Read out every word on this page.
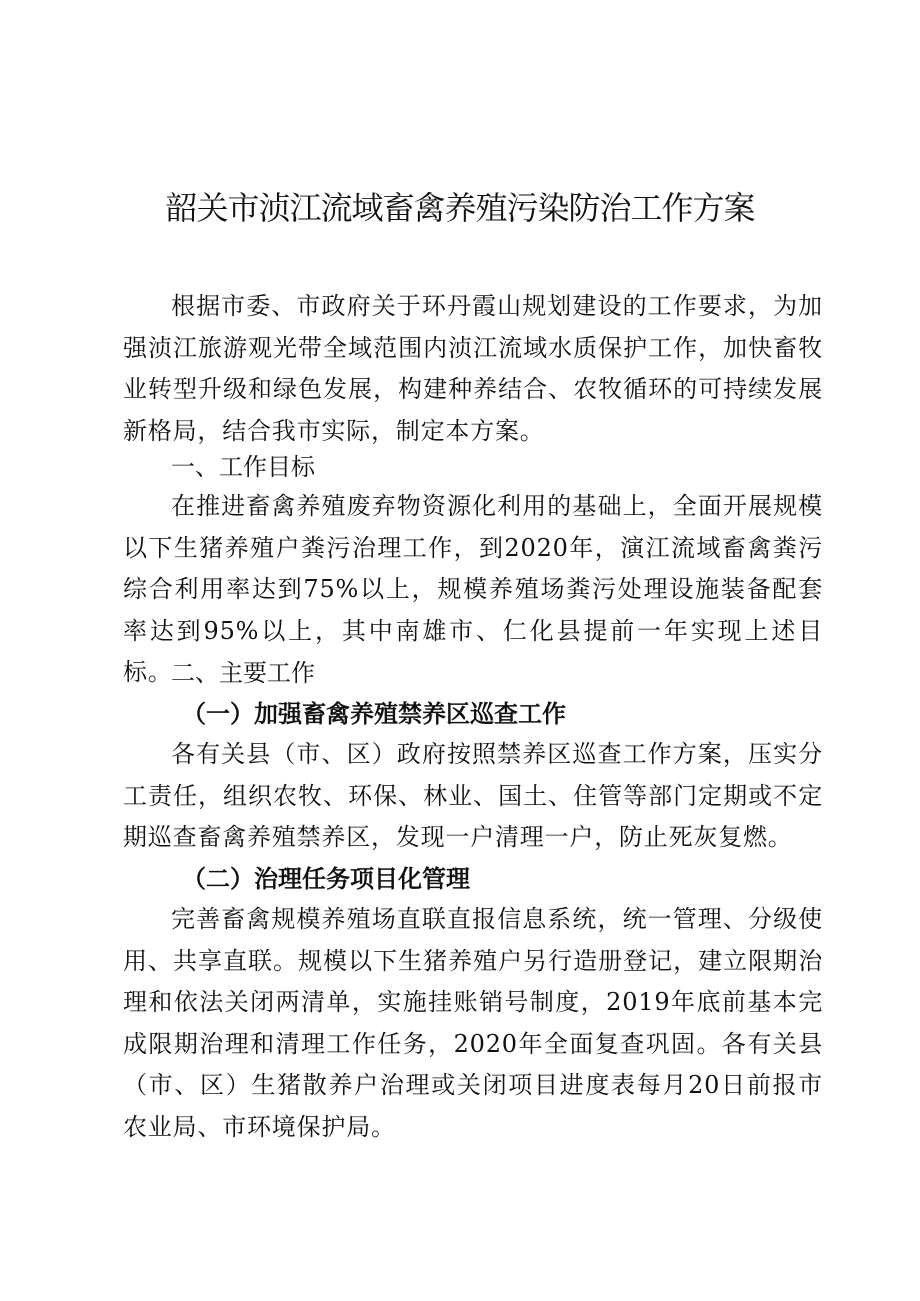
韶关市浈江流域畜禽养殖污染防治工作方案

根据市委、市政府关于环丹霞山规划建设的工作要求，为加强浈江旅游观光带全域范围内浈江流域水质保护工作，加快畜牧业转型升级和绿色发展，构建种养结合、农牧循环的可持续发展新格局，结合我市实际，制定本方案。

一、工作目标

在推进畜禽养殖废弃物资源化利用的基础上，全面开展规模以下生猪养殖户粪污治理工作，到2020年，演江流域畜禽粪污综合利用率达到75%以上，规模养殖场粪污处理设施装备配套率达到95%以上，其中南雄市、仁化县提前一年实现上述目标。

二、主要工作
（一）加强畜禽养殖禁养区巡查工作

各有关县（市、区）政府按照禁养区巡查工作方案，压实分工责任，组织农牧、环保、林业、国土、住管等部门定期或不定期巡查畜禽养殖禁养区，发现一户清理一户，防止死灰复燃。

（二）治理任务项目化管理

完善畜禽规模养殖场直联直报信息系统，统一管理、分级使用、共享直联。规模以下生猪养殖户另行造册登记，建立限期治理和依法关闭两清单，实施挂账销号制度，2019年底前基本完成限期治理和清理工作任务，2020年全面复查巩固。各有关县（市、区）生猪散养户治理或关闭项目进度表每月20日前报市农业局、市环境保护局。
